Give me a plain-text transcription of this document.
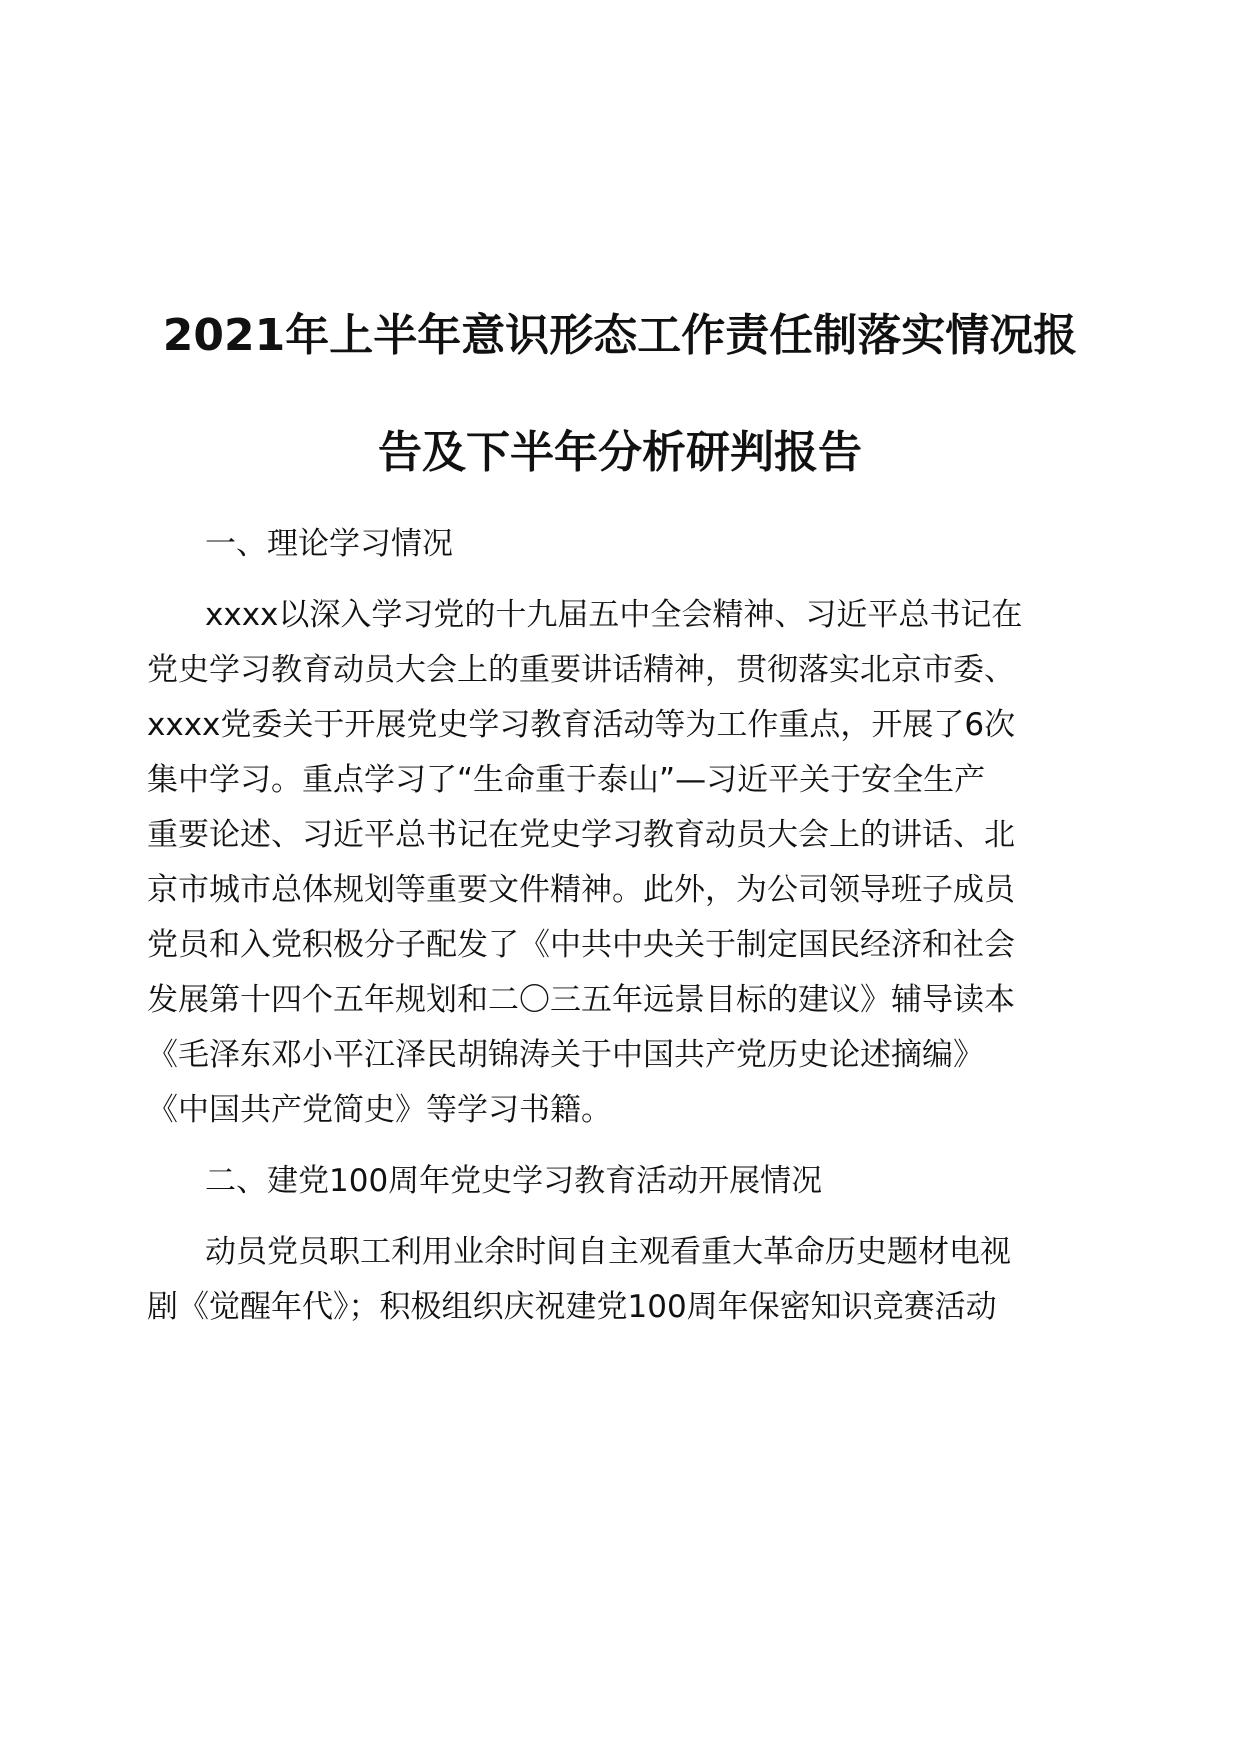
2021年上半年意识形态工作责任制落实情况报
告及下半年分析研判报告
一、理论学习情况
xxxx以深入学习党的十九届五中全会精神、习近平总书记在
党史学习教育动员大会上的重要讲话精神，贯彻落实北京市委、
xxxx党委关于开展党史学习教育活动等为工作重点，开展了6次
集中学习。重点学习了“生命重于泰山”—习近平关于安全生产
重要论述、习近平总书记在党史学习教育动员大会上的讲话、北
京市城市总体规划等重要文件精神。此外，为公司领导班子成员
党员和入党积极分子配发了《中共中央关于制定国民经济和社会
发展第十四个五年规划和二〇三五年远景目标的建议》辅导读本
《毛泽东邓小平江泽民胡锦涛关于中国共产党历史论述摘编》
《中国共产党简史》等学习书籍。
二、建党100周年党史学习教育活动开展情况
动员党员职工利用业余时间自主观看重大革命历史题材电视
剧《觉醒年代》；积极组织庆祝建党100周年保密知识竞赛活动
